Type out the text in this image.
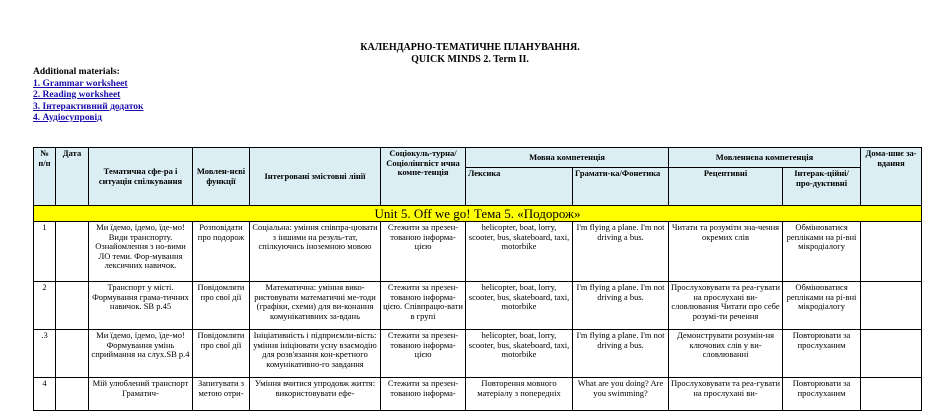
КАЛЕНДАРНО-ТЕМАТИЧНЕ ПЛАНУВАННЯ.
QUICK MINDS 2. Term II.
Additional materials:
1. Grammar worksheet
2. Reading worksheet
3. Інтерактивний додаток
4. Аудіосупровід
№ п/п	Дата	Тематична сфе-ра і ситуація спілкування	Мовлен-нєві функції	Інтегровані змістовні лінії	Соціокуль-турна/ Соціолінгвіст ична компе-тенція	Мовна компетенція		Мовленнєва компетенція		Дома-шнє за-вдання
						Лексика	Грамати-ка/Фонетика	Рецептивні	Інтерак-ційні/ про-дуктивні	
Unit 5. Off we go! Тема 5. «Подорож»										
1		Ми їдемо, їдемо, їде-мо! Види транспорту. Ознайомлення з но-вими ЛО теми. Фор-мування лексичних навичок.	Розповідати про подорож	Соціальна: уміння співпра-цювати з іншими на резуль-тат, спілкуючись іноземною мовою	Стежити за презен-тованою інформа-цією	helicopter, boat, lorry, scooter, bus, skateboard, taxi, motorbike	I'm flying a plane. I'm not driving a bus.	Читати та розуміти зна-чення окремих слів	Обмінюватися репліками на рі-вні мікродіалогу	
2		Транспорт у місті. Формування грама-тичних навичок. SB p.45	Повідомляти про свої дії	Математична: уміння вико-ристовувати математичні ме-тоди (графіки, схеми) для ви-конання комунікативних за-вдань	Стежити за презен-тованою інформа-цією. Співпрацю-вати в групі	helicopter, boat, lorry, scooter, bus, skateboard, taxi, motorbike	I'm flying a plane. I'm not driving a bus.	Прослуховувати та реа-гувати на прослухані ви-словлювання Читати про себе розумі-ти речення	Обмінюватися репліками на рі-вні мікродіалогу	
.3		Ми їдемо, їдемо, їде-мо! Формування умінь сприймання на слух.SB p.4	Повідомляти про свої дії	Ініціативність і підприємли-вість: уміння ініціювати усну взаємодію для розв'язання кон-кретного комунікативно-го завдання	Стежити за презен-тованою інформа-цією	helicopter, boat, lorry, scooter, bus, skateboard, taxi, motorbike	I'm flying a plane. I'm not driving a bus.	Демонструвати розумін-ня ключових слів у ви-словлюванні	Повторювати за прослуханим	
4		Мій улюблений транспорт Граматич-	Запитувати з метою отри-	Уміння вчитися упродовж життя: використовувати ефе-	Стежити за презен-тованою інформа-	Повторення мовного матеріалу з попередніх	What are you doing? Are you swimming?	Прослуховувати та реа-гувати на прослухані ви-	Повторювати за прослуханим	
